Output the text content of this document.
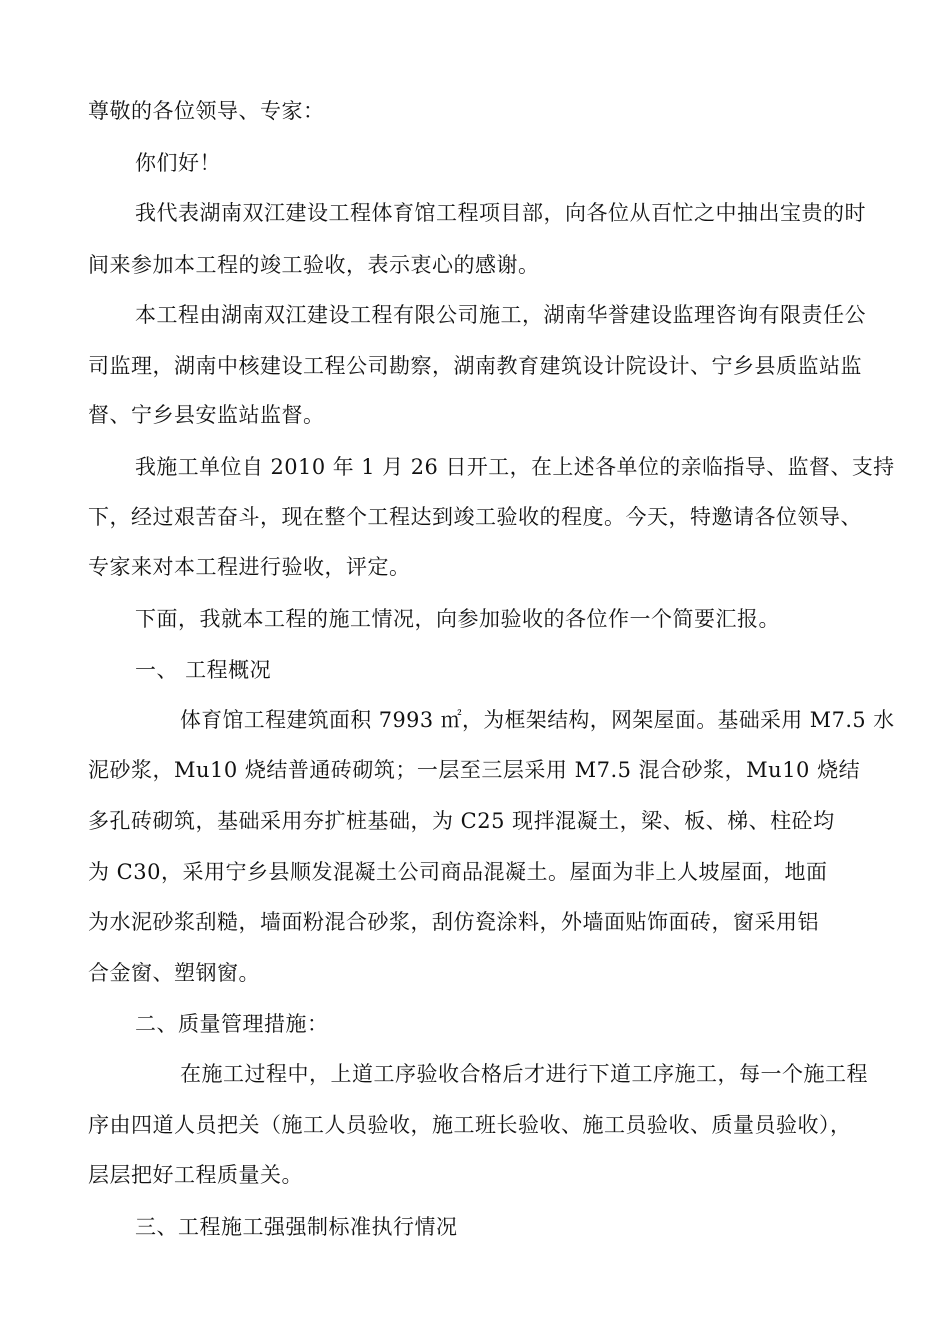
尊敬的各位领导、专家：
你们好！
我代表湖南双江建设工程体育馆工程项目部，向各位从百忙之中抽出宝贵的时
间来参加本工程的竣工验收，表示衷心的感谢。
本工程由湖南双江建设工程有限公司施工，湖南华誉建设监理咨询有限责任公
司监理，湖南中核建设工程公司勘察，湖南教育建筑设计院设计、宁乡县质监站监
督、宁乡县安监站监督。
我施工单位自 2010 年 1 月 26 日开工，在上述各单位的亲临指导、监督、支持
下，经过艰苦奋斗，现在整个工程达到竣工验收的程度。今天，特邀请各位领导、
专家来对本工程进行验收，评定。
下面，我就本工程的施工情况，向参加验收的各位作一个简要汇报。
一、 工程概况
体育馆工程建筑面积 7993 ㎡，为框架结构，网架屋面。基础采用 M7.5 水
泥砂浆，Mu10 烧结普通砖砌筑；一层至三层采用 M7.5 混合砂浆，Mu10 烧结
多孔砖砌筑，基础采用夯扩桩基础，为 C25 现拌混凝土，梁、板、梯、柱砼均
为 C30，采用宁乡县顺发混凝土公司商品混凝土。屋面为非上人坡屋面，地面
为水泥砂浆刮糙，墙面粉混合砂浆，刮仿瓷涂料，外墙面贴饰面砖，窗采用铝
合金窗、塑钢窗。
二、质量管理措施：
在施工过程中，上道工序验收合格后才进行下道工序施工，每一个施工程
序由四道人员把关（施工人员验收，施工班长验收、施工员验收、质量员验收），
层层把好工程质量关。
三、工程施工强强制标准执行情况
